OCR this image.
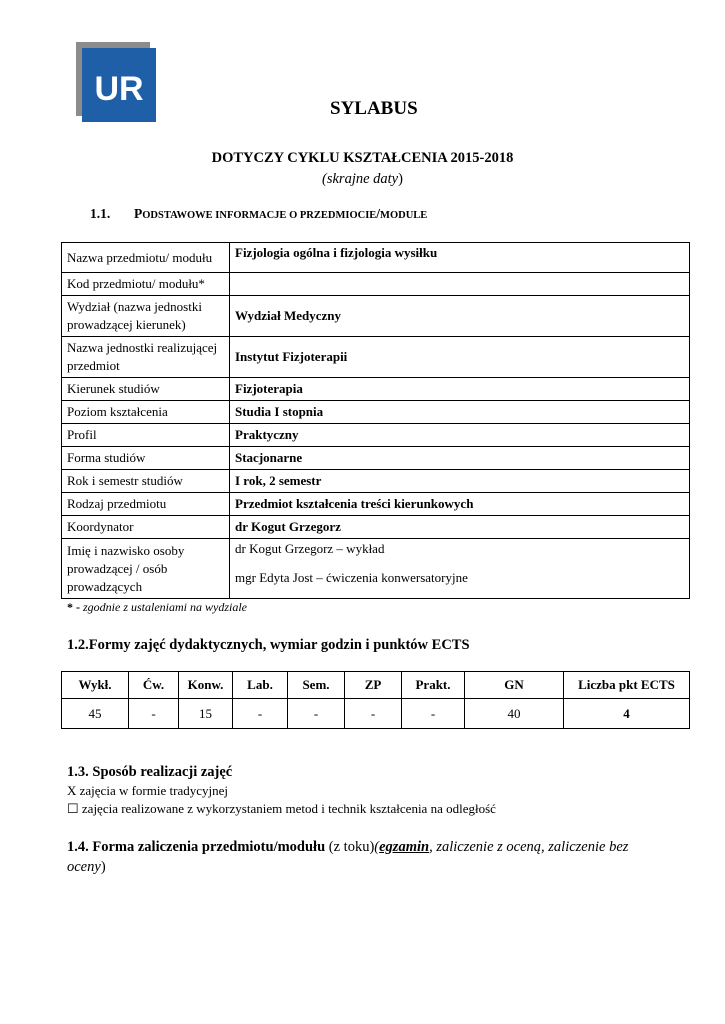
UR
SYLABUS
DOTYCZY CYKLU KSZTAŁCENIA 2015-2018
(skrajne daty)
1.1. PODSTAWOWE INFORMACJE O PRZEDMIOCIE/MODULE
Nazwa przedmiotu/ modułu	Fizjologia ogólna i fizjologia wysiłku
Kod przedmiotu/ modułu*	
Wydział (nazwa jednostki prowadzącej kierunek)	Wydział Medyczny
Nazwa jednostki realizującej przedmiot	Instytut Fizjoterapii
Kierunek studiów	Fizjoterapia
Poziom kształcenia	Studia I stopnia
Profil	Praktyczny
Forma studiów	Stacjonarne
Rok i semestr studiów	I rok, 2 semestr
Rodzaj przedmiotu	Przedmiot kształcenia treści kierunkowych
Koordynator	dr Kogut Grzegorz
Imię i nazwisko osoby prowadzącej / osób prowadzących	dr Kogut Grzegorz – wykład
mgr Edyta Jost – ćwiczenia konwersatoryjne
* - zgodnie z ustaleniami na wydziale
1.2.Formy zajęć dydaktycznych, wymiar godzin i punktów ECTS
Wykł.	Ćw.	Konw.	Lab.	Sem.	ZP	Prakt.	GN	Liczba pkt ECTS
45	-	15	-	-	-	-	40	4
1.3. Sposób realizacji zajęć
X zajęcia w formie tradycyjnej
☐ zajęcia realizowane z wykorzystaniem metod i technik kształcenia na odległość
1.4. Forma zaliczenia przedmiotu/modułu (z toku)(egzamin, zaliczenie z oceną, zaliczenie bez oceny)
